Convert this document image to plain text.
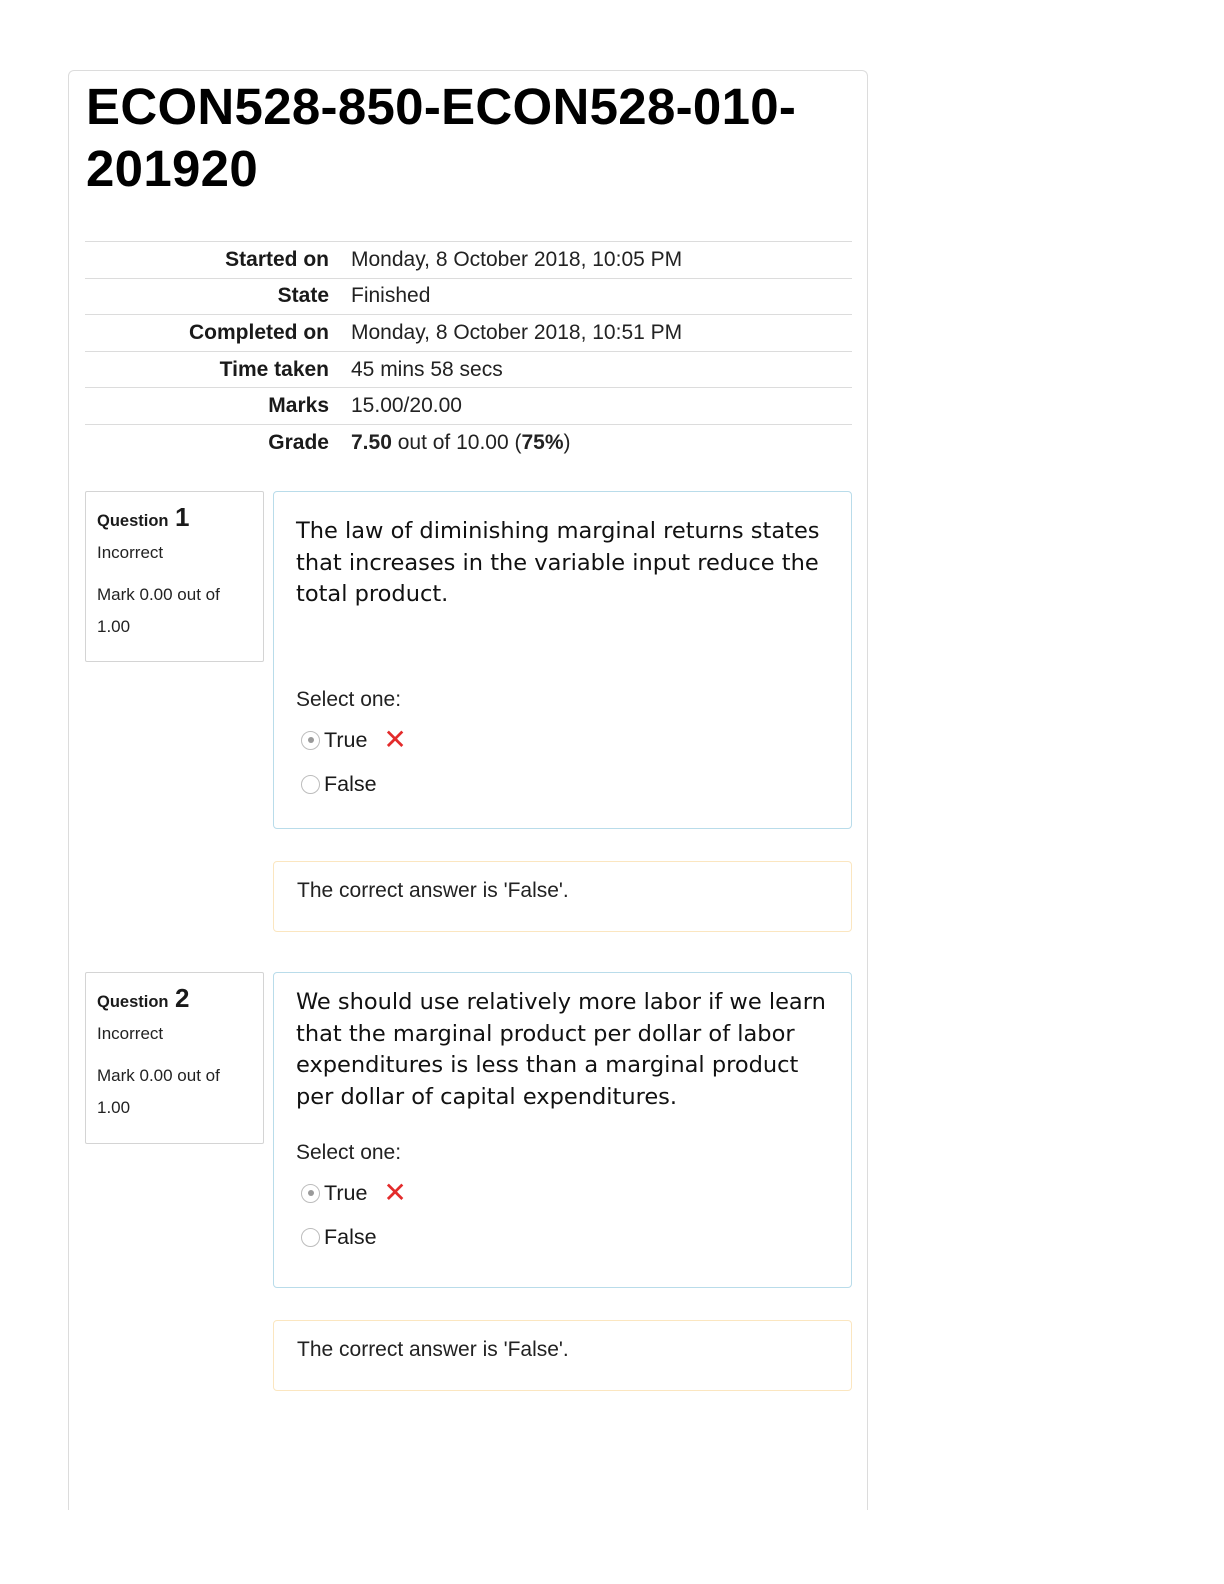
ECON528-850-ECON528-010-201920
Started on	Monday, 8 October 2018, 10:05 PM
State	Finished
Completed on	Monday, 8 October 2018, 10:51 PM
Time taken	45 mins 58 secs
Marks	15.00/20.00
Grade	7.50 out of 10.00 (75%)
Question 1
Incorrect
Mark 0.00 out of 1.00

The law of diminishing marginal returns states that increases in the variable input reduce the total product.

Select one:
True ✕
False
The correct answer is 'False'.
Question 2
Incorrect
Mark 0.00 out of 1.00

We should use relatively more labor if we learn that the marginal product per dollar of labor expenditures is less than a marginal product per dollar of capital expenditures.

Select one:
True ✕
False
The correct answer is 'False'.
